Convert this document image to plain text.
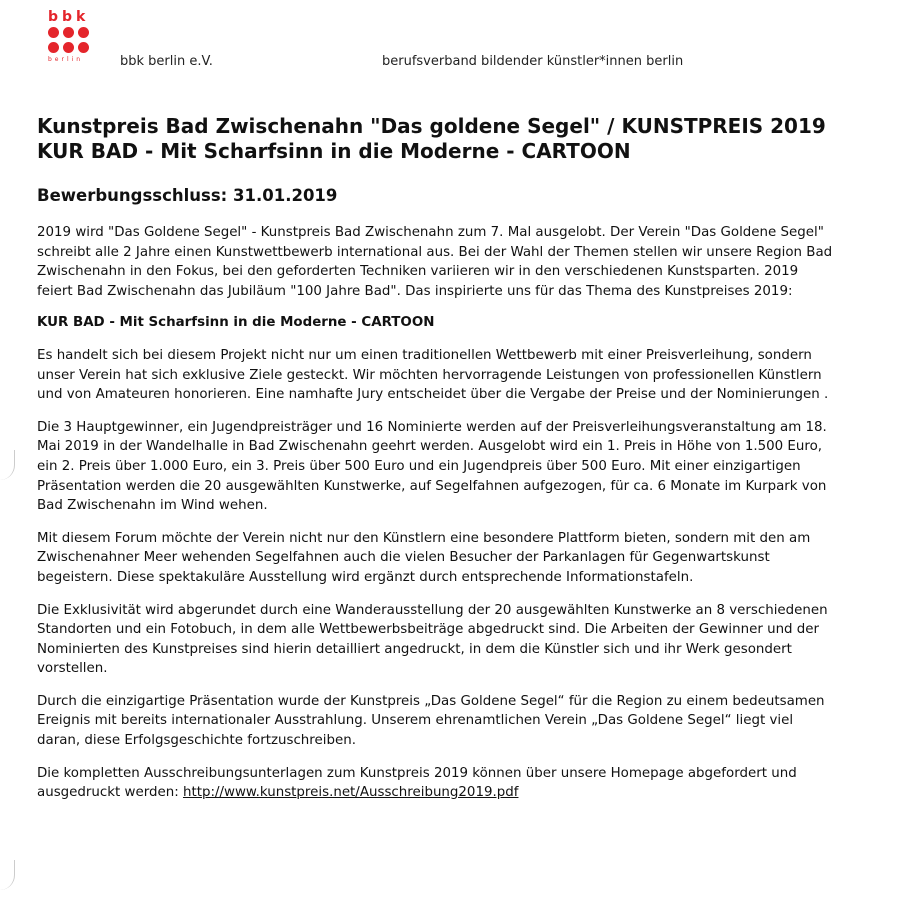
bbk
berlin	bbk berlin e.V.	berufsverband bildender künstler*innen berlin
Kunstpreis Bad Zwischenahn "Das goldene Segel" / KUNSTPREIS 2019 KUR BAD - Mit Scharfsinn in die Moderne - CARTOON
Bewerbungsschluss: 31.01.2019

2019 wird "Das Goldene Segel" - Kunstpreis Bad Zwischenahn zum 7. Mal ausgelobt. Der Verein "Das Goldene Segel" schreibt alle 2 Jahre einen Kunstwettbewerb international aus. Bei der Wahl der Themen stellen wir unsere Region Bad Zwischenahn in den Fokus, bei den geforderten Techniken variieren wir in den verschiedenen Kunstsparten. 2019 feiert Bad Zwischenahn das Jubiläum "100 Jahre Bad". Das inspirierte uns für das Thema des Kunstpreises 2019:

KUR BAD - Mit Scharfsinn in die Moderne - CARTOON

Es handelt sich bei diesem Projekt nicht nur um einen traditionellen Wettbewerb mit einer Preisverleihung, sondern unser Verein hat sich exklusive Ziele gesteckt. Wir möchten hervorragende Leistungen von professionellen Künstlern und von Amateuren honorieren. Eine namhafte Jury entscheidet über die Vergabe der Preise und der Nominierungen .

Die 3 Hauptgewinner, ein Jugendpreisträger und 16 Nominierte werden auf der Preisverleihungsveranstaltung am 18. Mai 2019 in der Wandelhalle in Bad Zwischenahn geehrt werden. Ausgelobt wird ein 1. Preis in Höhe von 1.500 Euro, ein 2. Preis über 1.000 Euro, ein 3. Preis über 500 Euro und ein Jugendpreis über 500 Euro. Mit einer einzigartigen Präsentation werden die 20 ausgewählten Kunstwerke, auf Segelfahnen aufgezogen, für ca. 6 Monate im Kurpark von Bad Zwischenahn im Wind wehen.

Mit diesem Forum möchte der Verein nicht nur den Künstlern eine besondere Plattform bieten, sondern mit den am Zwischenahner Meer wehenden Segelfahnen auch die vielen Besucher der Parkanlagen für Gegenwartskunst begeistern. Diese spektakuläre Ausstellung wird ergänzt durch entsprechende Informationstafeln.

Die Exklusivität wird abgerundet durch eine Wanderausstellung der 20 ausgewählten Kunstwerke an 8 verschiedenen Standorten und ein Fotobuch, in dem alle Wettbewerbsbeiträge abgedruckt sind. Die Arbeiten der Gewinner und der Nominierten des Kunstpreises sind hierin detailliert angedruckt, in dem die Künstler sich und ihr Werk gesondert vorstellen.

Durch die einzigartige Präsentation wurde der Kunstpreis „Das Goldene Segel“ für die Region zu einem bedeutsamen Ereignis mit bereits internationaler Ausstrahlung. Unserem ehrenamtlichen Verein „Das Goldene Segel“ liegt viel daran, diese Erfolgsgeschichte fortzuschreiben.

Die kompletten Ausschreibungsunterlagen zum Kunstpreis 2019 können über unsere Homepage abgefordert und ausgedruckt werden: http://www.kunstpreis.net/Ausschreibung2019.pdf
